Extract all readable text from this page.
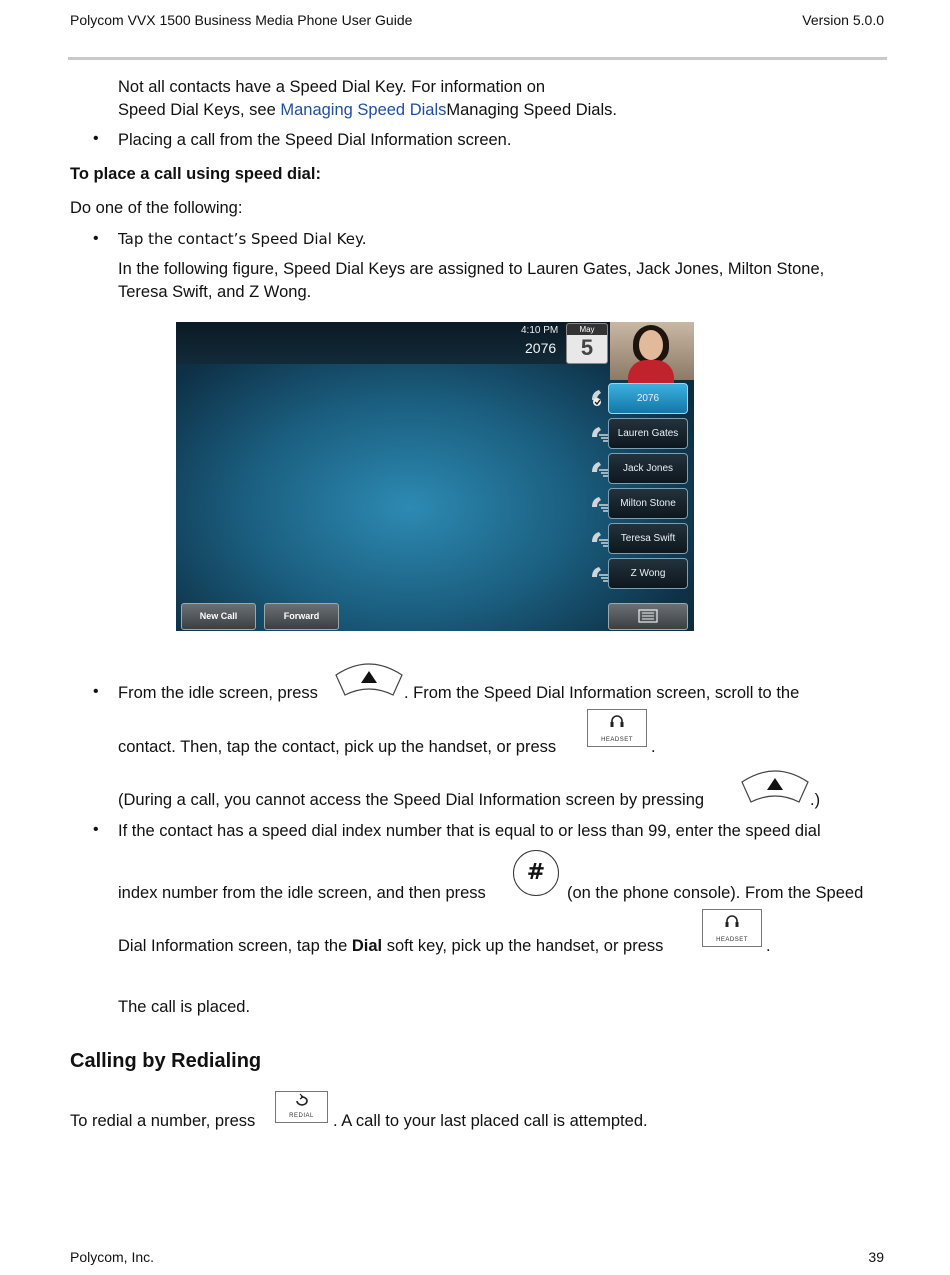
Polycom VVX 1500 Business Media Phone User Guide	Version 5.0.0
Not all contacts have a Speed Dial Key. For information on
Speed Dial Keys, see Managing Speed DialsManaging Speed Dials.
• Placing a call from the Speed Dial Information screen.
To place a call using speed dial:
Do one of the following:
• Tap the contact’s Speed Dial Key.
In the following figure, Speed Dial Keys are assigned to Lauren Gates, Jack Jones, Milton Stone,
Teresa Swift, and Z Wong.
4:10 PM
2076
May
5
2076
Lauren Gates
Jack Jones
Milton Stone
Teresa Swift
Z Wong
New Call	Forward
• From the idle screen, press	. From the Speed Dial Information screen, scroll to the
contact. Then, tap the contact, pick up the handset, or press	HEADSET	.
(During a call, you cannot access the Speed Dial Information screen by pressing	.)
• If the contact has a speed dial index number that is equal to or less than 99, enter the speed dial
index number from the idle screen, and then press
#
(on the phone console). From the Speed
Dial Information screen, tap the Dial soft key, pick up the handset, or press	HEADSET	.
The call is placed.
Calling by Redialing
To redial a number, press	REDIAL	. A call to your last placed call is attempted.
Polycom, Inc.	39
